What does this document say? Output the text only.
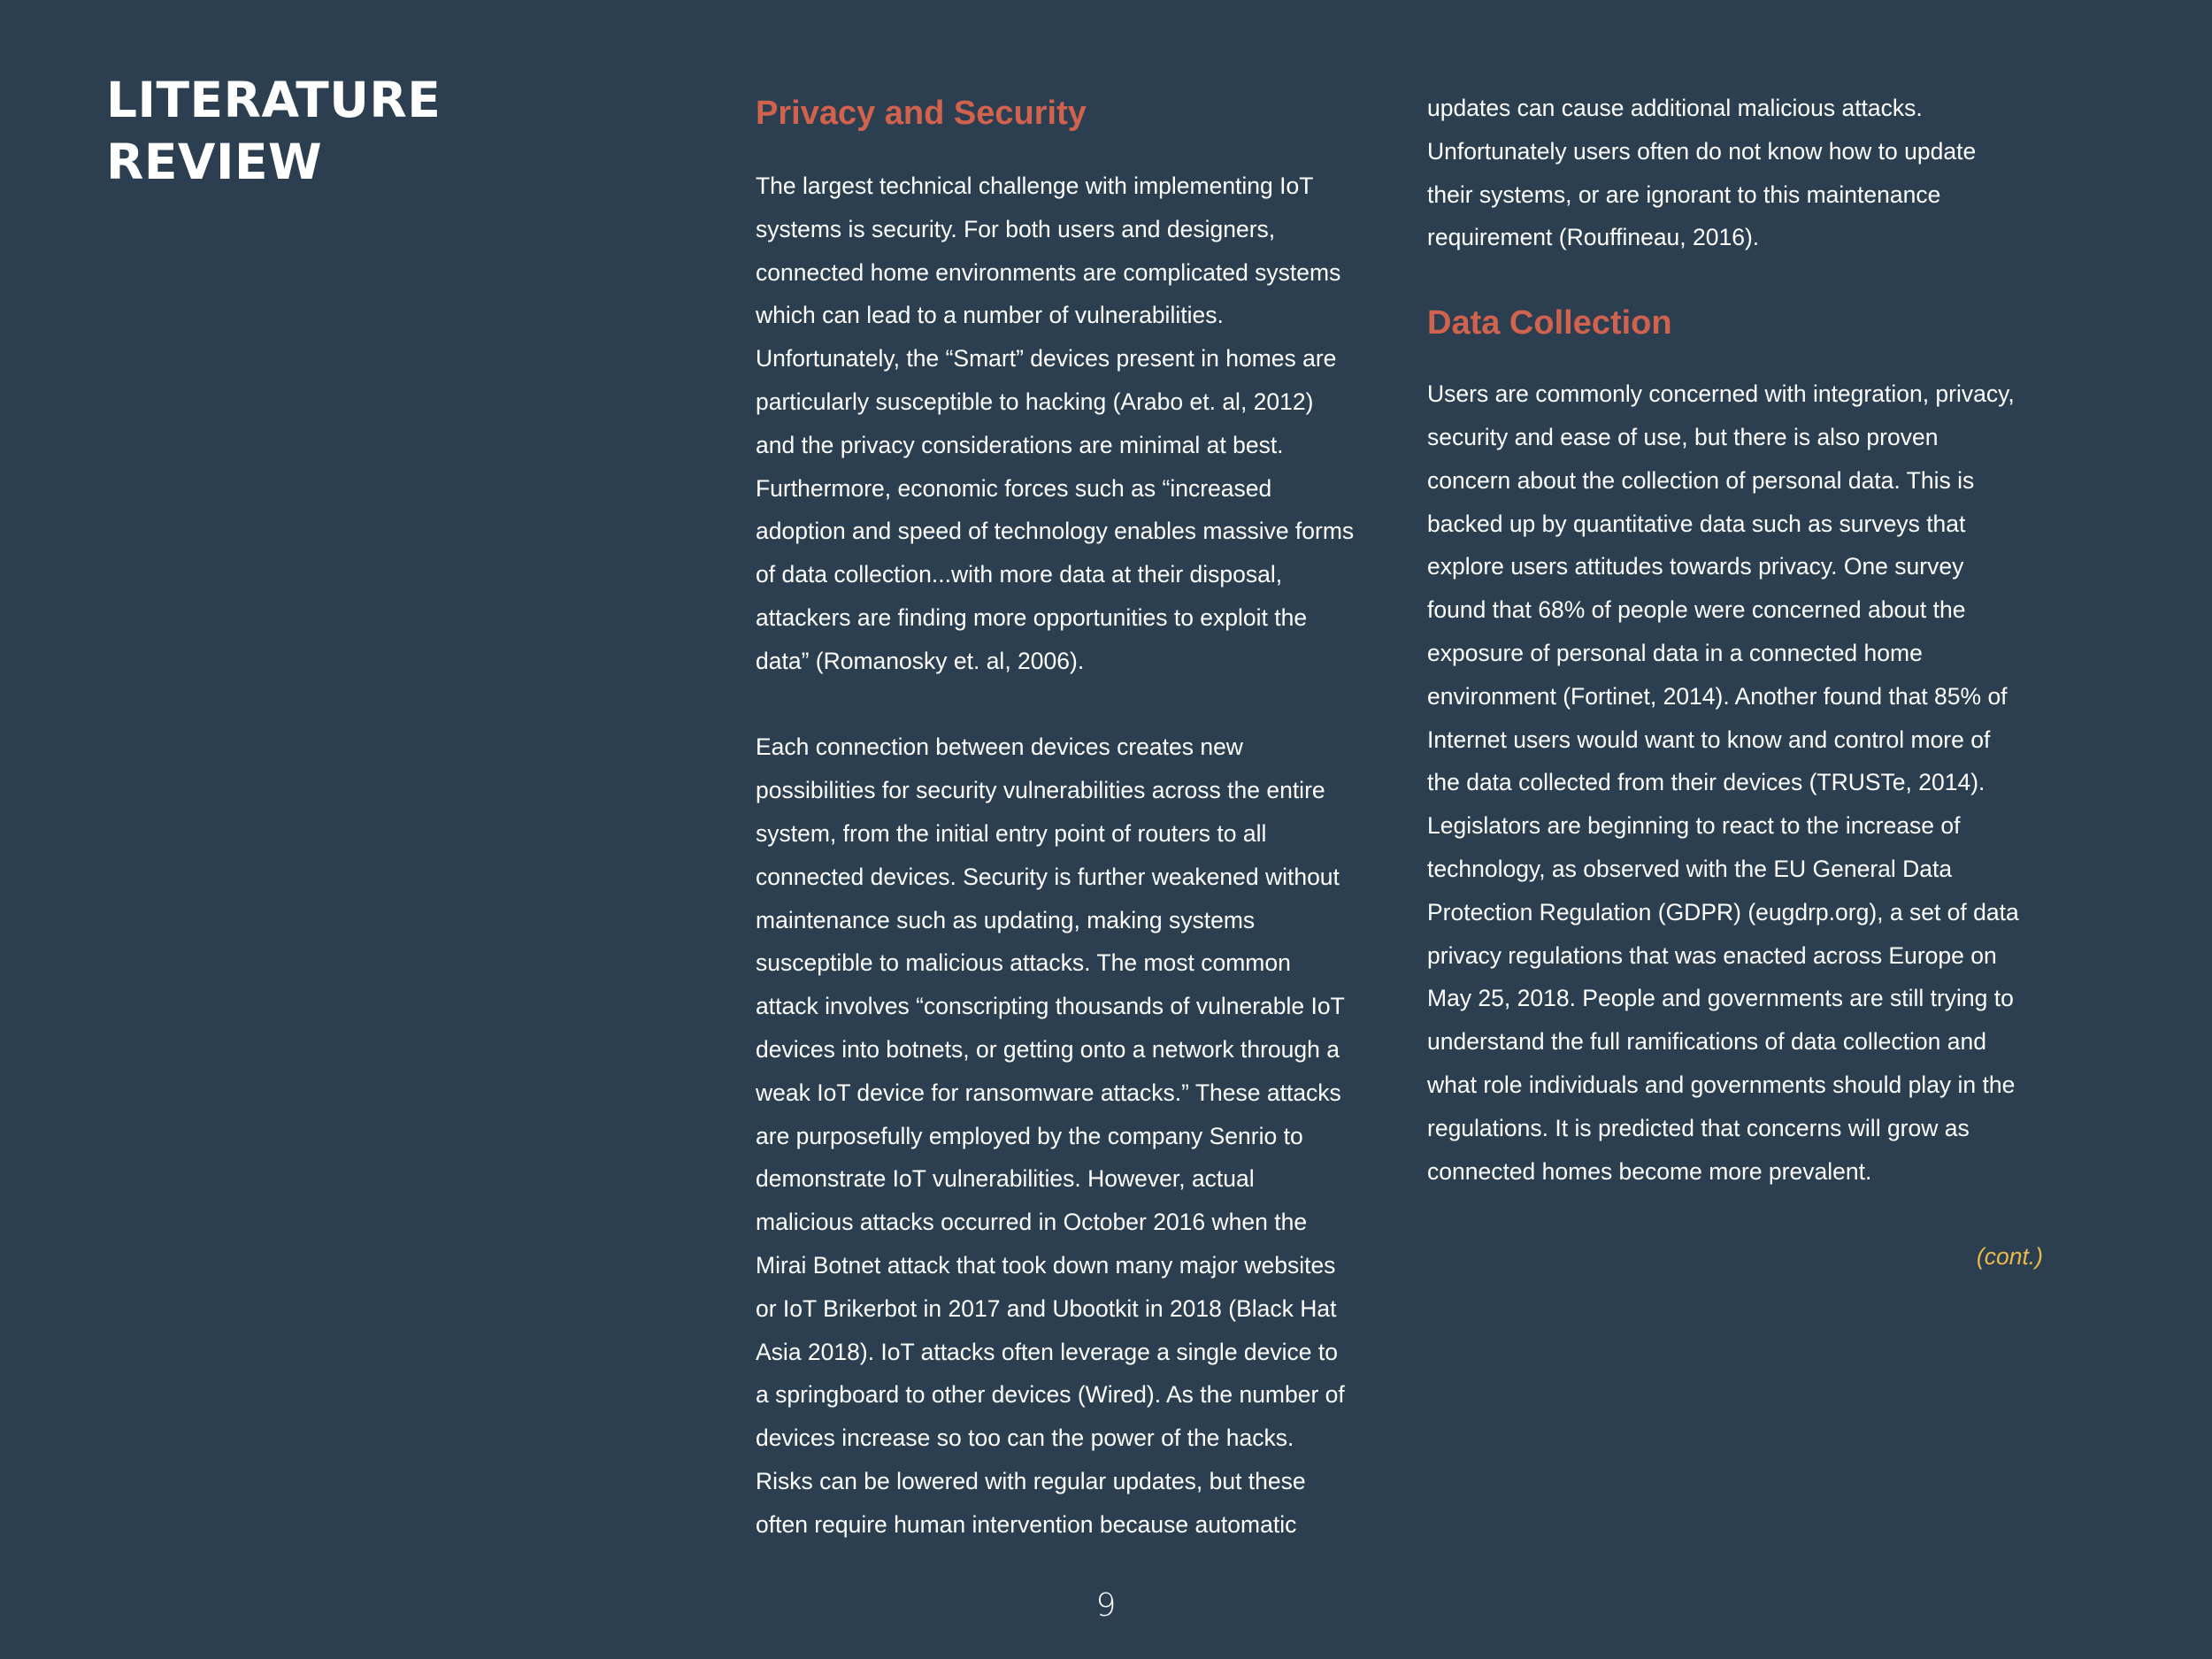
LITERATURE REVIEW
Privacy and Security

The largest technical challenge with implementing IoT
systems is security. For both users and designers,
connected home environments are complicated systems
which can lead to a number of vulnerabilities.
Unfortunately, the “Smart” devices present in homes are
particularly susceptible to hacking (Arabo et. al, 2012)
and the privacy considerations are minimal at best.
Furthermore, economic forces such as “increased
adoption and speed of technology enables massive forms
of data collection...with more data at their disposal,
attackers are finding more opportunities to exploit the
data” (Romanosky et. al, 2006).

Each connection between devices creates new
possibilities for security vulnerabilities across the entire
system, from the initial entry point of routers to all
connected devices. Security is further weakened without
maintenance such as updating, making systems
susceptible to malicious attacks. The most common
attack involves “conscripting thousands of vulnerable IoT
devices into botnets, or getting onto a network through a
weak IoT device for ransomware attacks.” These attacks
are purposefully employed by the company Senrio to
demonstrate IoT vulnerabilities. However, actual
malicious attacks occurred in October 2016 when the
Mirai Botnet attack that took down many major websites
or IoT Brikerbot in 2017 and Ubootkit in 2018 (Black Hat
Asia 2018). IoT attacks often leverage a single device to
a springboard to other devices (Wired). As the number of
devices increase so too can the power of the hacks.
Risks can be lowered with regular updates, but these
often require human intervention because automatic

updates can cause additional malicious attacks.
Unfortunately users often do not know how to update
their systems, or are ignorant to this maintenance
requirement (Rouffineau, 2016).

Data Collection

Users are commonly concerned with integration, privacy,
security and ease of use, but there is also proven
concern about the collection of personal data. This is
backed up by quantitative data such as surveys that
explore users attitudes towards privacy. One survey
found that 68% of people were concerned about the
exposure of personal data in a connected home
environment (Fortinet, 2014). Another found that 85% of
Internet users would want to know and control more of
the data collected from their devices (TRUSTe, 2014).
Legislators are beginning to react to the increase of
technology, as observed with the EU General Data
Protection Regulation (GDPR) (eugdrp.org), a set of data
privacy regulations that was enacted across Europe on
May 25, 2018. People and governments are still trying to
understand the full ramifications of data collection and
what role individuals and governments should play in the
regulations. It is predicted that concerns will grow as
connected homes become more prevalent.

(cont.)

9
